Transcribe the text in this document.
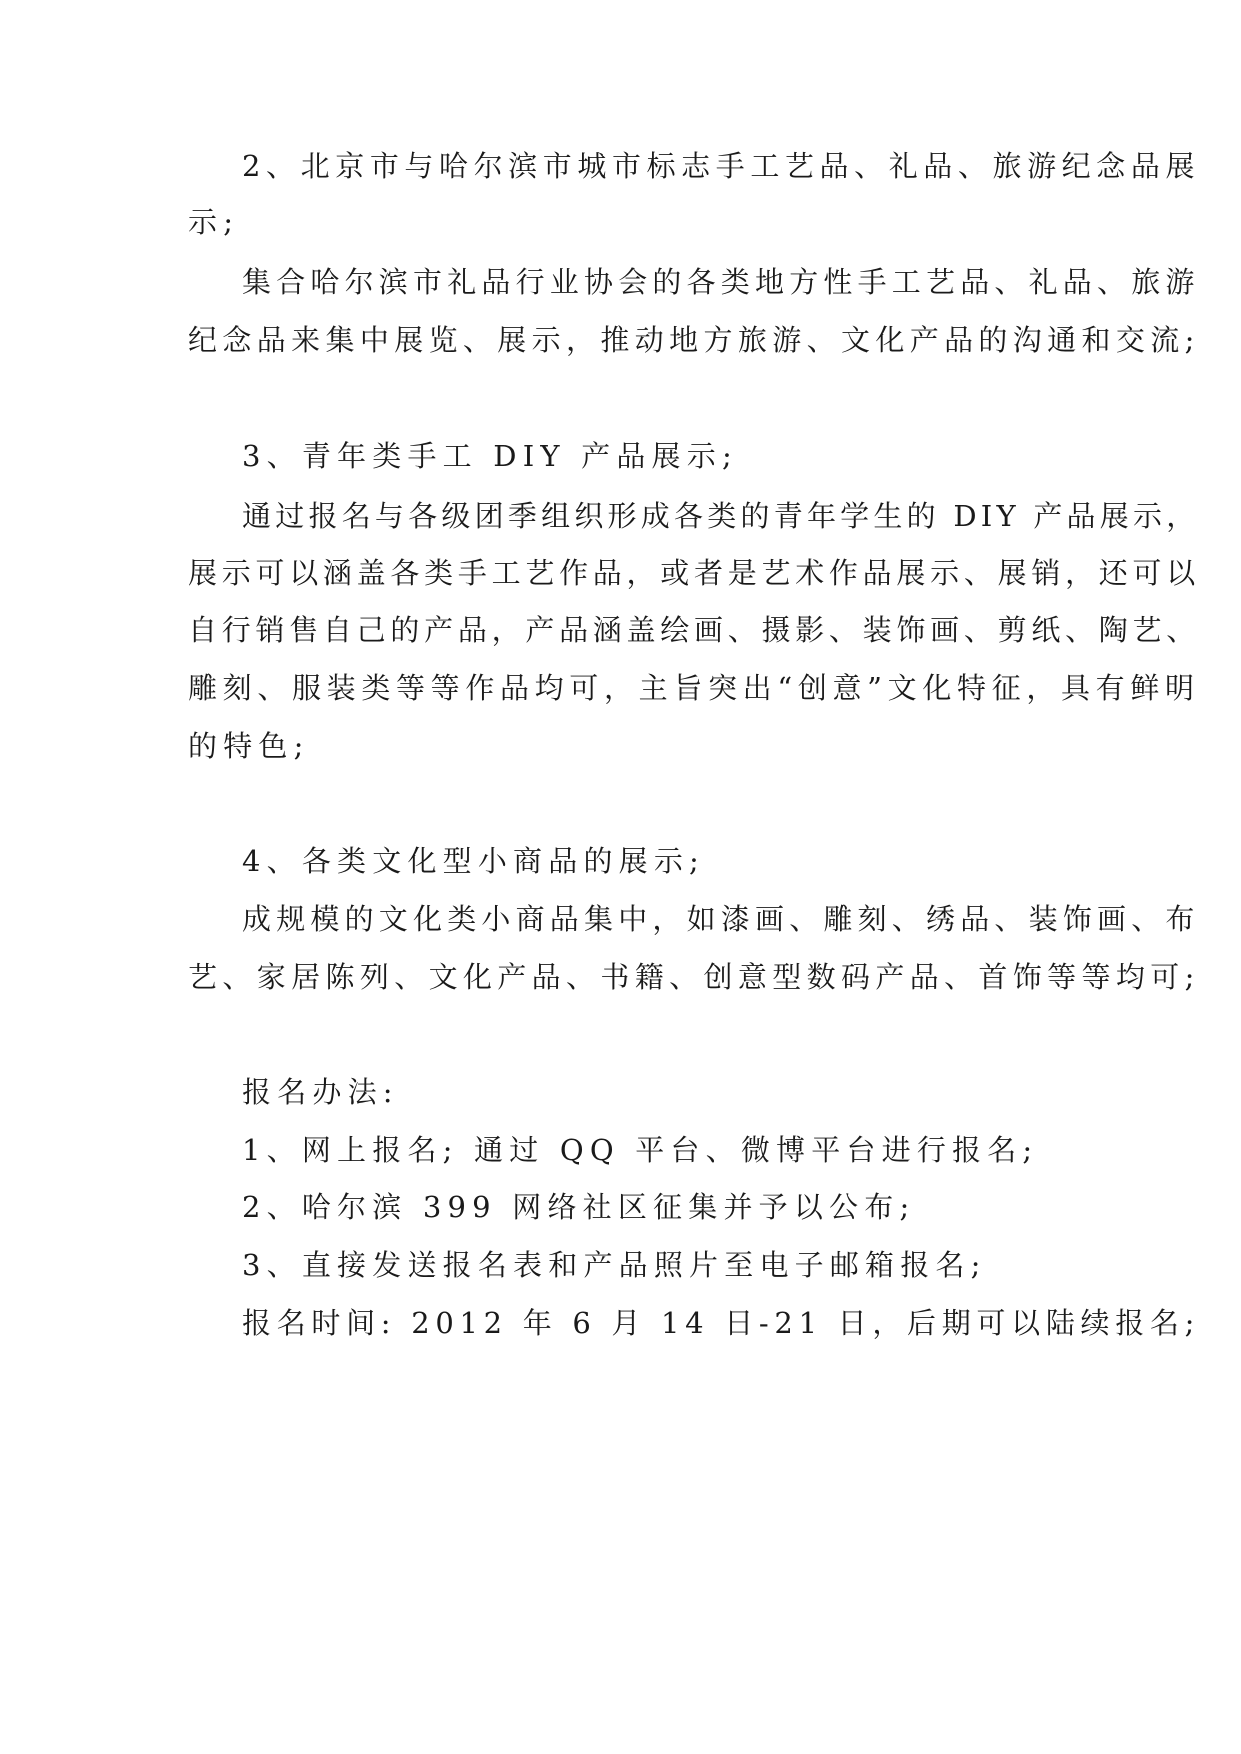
2、北京市与哈尔滨市城市标志手工艺品、礼品、旅游纪念品展
示;
集合哈尔滨市礼品行业协会的各类地方性手工艺品、礼品、旅游
纪念品来集中展览、展示，推动地方旅游、文化产品的沟通和交流;
3、青年类手工 DIY 产品展示;
通过报名与各级团季组织形成各类的青年学生的 DIY 产品展示，
展示可以涵盖各类手工艺作品，或者是艺术作品展示、展销，还可以
自行销售自己的产品，产品涵盖绘画、摄影、装饰画、剪纸、陶艺、
雕刻、服装类等等作品均可，主旨突出“创意”文化特征，具有鲜明
的特色;
4、各类文化型小商品的展示;
成规模的文化类小商品集中，如漆画、雕刻、绣品、装饰画、布
艺、家居陈列、文化产品、书籍、创意型数码产品、首饰等等均可;
报名办法:
1、网上报名; 通过 QQ 平台、微博平台进行报名;
2、哈尔滨 399 网络社区征集并予以公布;
3、直接发送报名表和产品照片至电子邮箱报名;
报名时间: 2012 年 6 月 14 日-21 日，后期可以陆续报名;
